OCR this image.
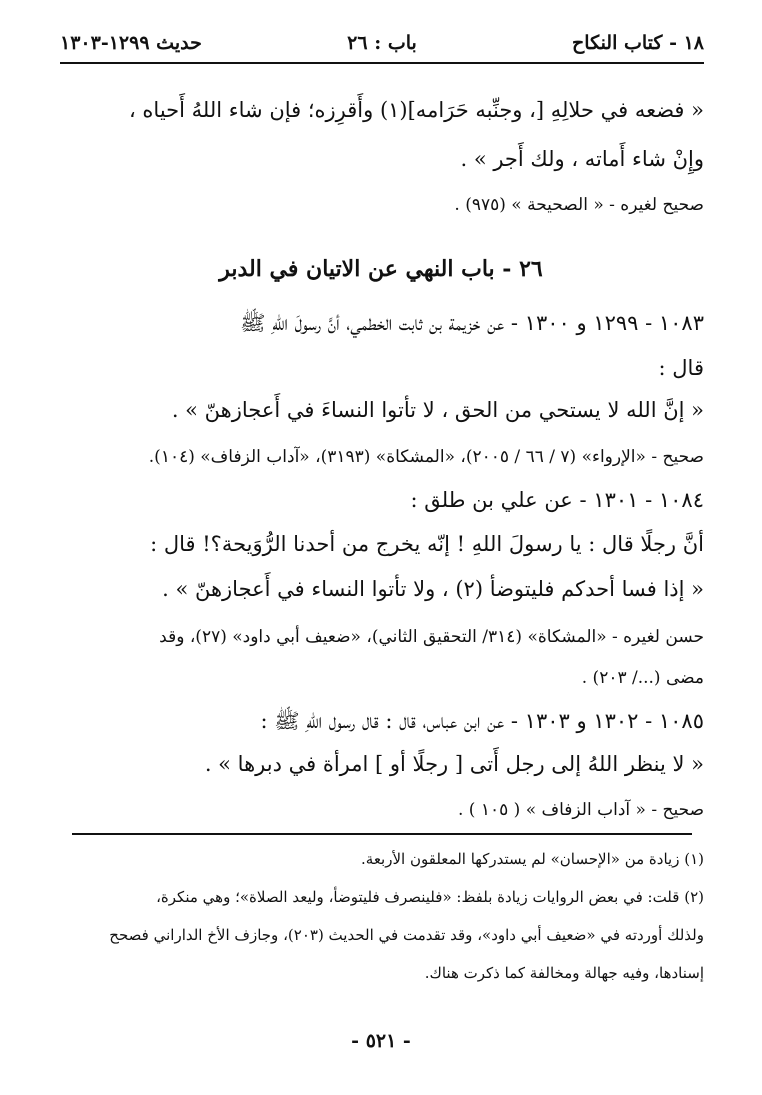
١٨ - كتاب النكاح
باب : ٢٦
حديث ١٢٩٩-١٣٠٣
« فضعه في حلالِهِ [، وجنِّبه حَرَامه](١) وأَقرِزه؛ فإن شاء اللهُ أَحياه ،
وإِنْ شاء أَماته ، ولك أَجر » .
صحيح لغيره - « الصحيحة » (٩٧٥) .
٢٦ - باب النهي عن الاتيان في الدبر
١٠٨٣ - ١٢٩٩ و ١٣٠٠ - عن خزيمة بن ثابت الخطمي، أنَّ رسولَ اللهِ ﷺ
قال :
« إنَّ الله لا يستحي من الحق ، لا تأتوا النساءَ في أَعجازهنّ » .
صحيح - «الإرواء» (٧ / ٦٦ / ٢٠٠٥)، «المشكاة» (٣١٩٣)، «آداب الزفاف» (١٠٤).
١٠٨٤ - ١٣٠١ - عن علي بن طلق :
أنَّ رجلًا قال : يا رسولَ اللهِ ! إنّه يخرج من أحدنا الرُّوَيحة؟! قال :
« إذا فسا أحدكم فليتوضأ (٢) ، ولا تأتوا النساء في أَعجازهنّ » .
حسن لغيره - «المشكاة» (٣١٤/ التحقيق الثاني)، «ضعيف أبي داود» (٢٧)، وقد
مضى (.../ ٢٠٣) .
١٠٨٥ - ١٣٠٢ و ١٣٠٣ - عن ابن عباس، قال : قال رسول اللهِ ﷺ :
« لا ينظر اللهُ إلى رجل أَتى [ رجلًا أو ] امرأة في دبرها » .
صحيح - « آداب الزفاف » ( ١٠٥ ) .
(١) زيادة من «الإحسان» لم يستدركها المعلقون الأربعة.
(٢) قلت: في بعض الروايات زيادة بلفظ: «فلينصرف فليتوضأ، وليعد الصلاة»؛ وهي منكرة،
ولذلك أوردته في «ضعيف أبي داود»، وقد تقدمت في الحديث (٢٠٣)، وجازف الأخ الداراني فصحح
إسنادها، وفيه جهالة ومخالفة كما ذكرت هناك.
- ٥٢١ -
